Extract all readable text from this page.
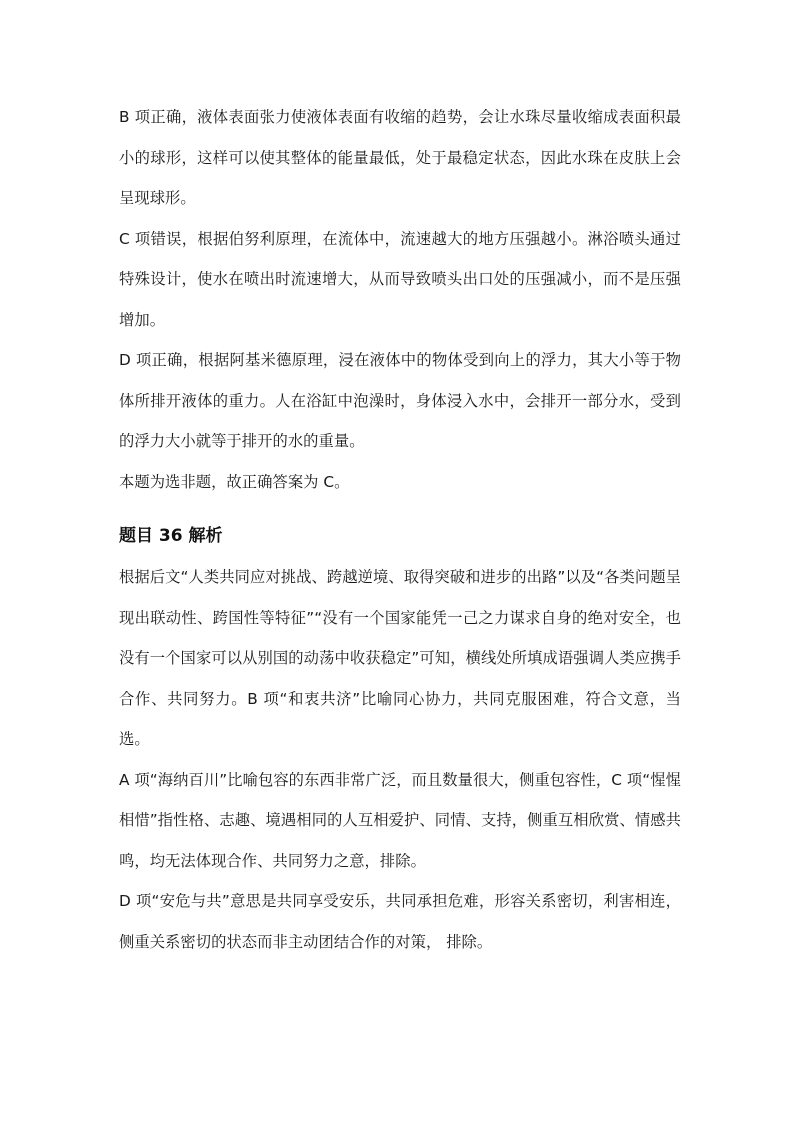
B 项正确，液体表面张力使液体表面有收缩的趋势，会让水珠尽量收缩成表面积最小的球形，这样可以使其整体的能量最低，处于最稳定状态，因此水珠在皮肤上会呈现球形。

C 项错误，根据伯努利原理，在流体中，流速越大的地方压强越小。淋浴喷头通过特殊设计，使水在喷出时流速增大，从而导致喷头出口处的压强减小，而不是压强增加。

D 项正确，根据阿基米德原理，浸在液体中的物体受到向上的浮力，其大小等于物体所排开液体的重力。人在浴缸中泡澡时，身体浸入水中，会排开一部分水，受到的浮力大小就等于排开的水的重量。

本题为选非题，故正确答案为 C。

题目 36 解析

根据后文“人类共同应对挑战、跨越逆境、取得突破和进步的出路”以及“各类问题呈现出联动性、跨国性等特征”“没有一个国家能凭一己之力谋求自身的绝对安全，也没有一个国家可以从别国的动荡中收获稳定”可知，横线处所填成语强调人类应携手合作、共同努力。B 项“和衷共济”比喻同心协力，共同克服困难，符合文意，当选。

A 项“海纳百川”比喻包容的东西非常广泛，而且数量很大，侧重包容性，C 项“惺惺相惜”指性格、志趣、境遇相同的人互相爱护、同情、支持，侧重互相欣赏、情感共鸣，均无法体现合作、共同努力之意，排除。

D 项“安危与共”意思是共同享受安乐，共同承担危难，形容关系密切，利害相连，侧重关系密切的状态而非主动团结合作的对策， 排除。
